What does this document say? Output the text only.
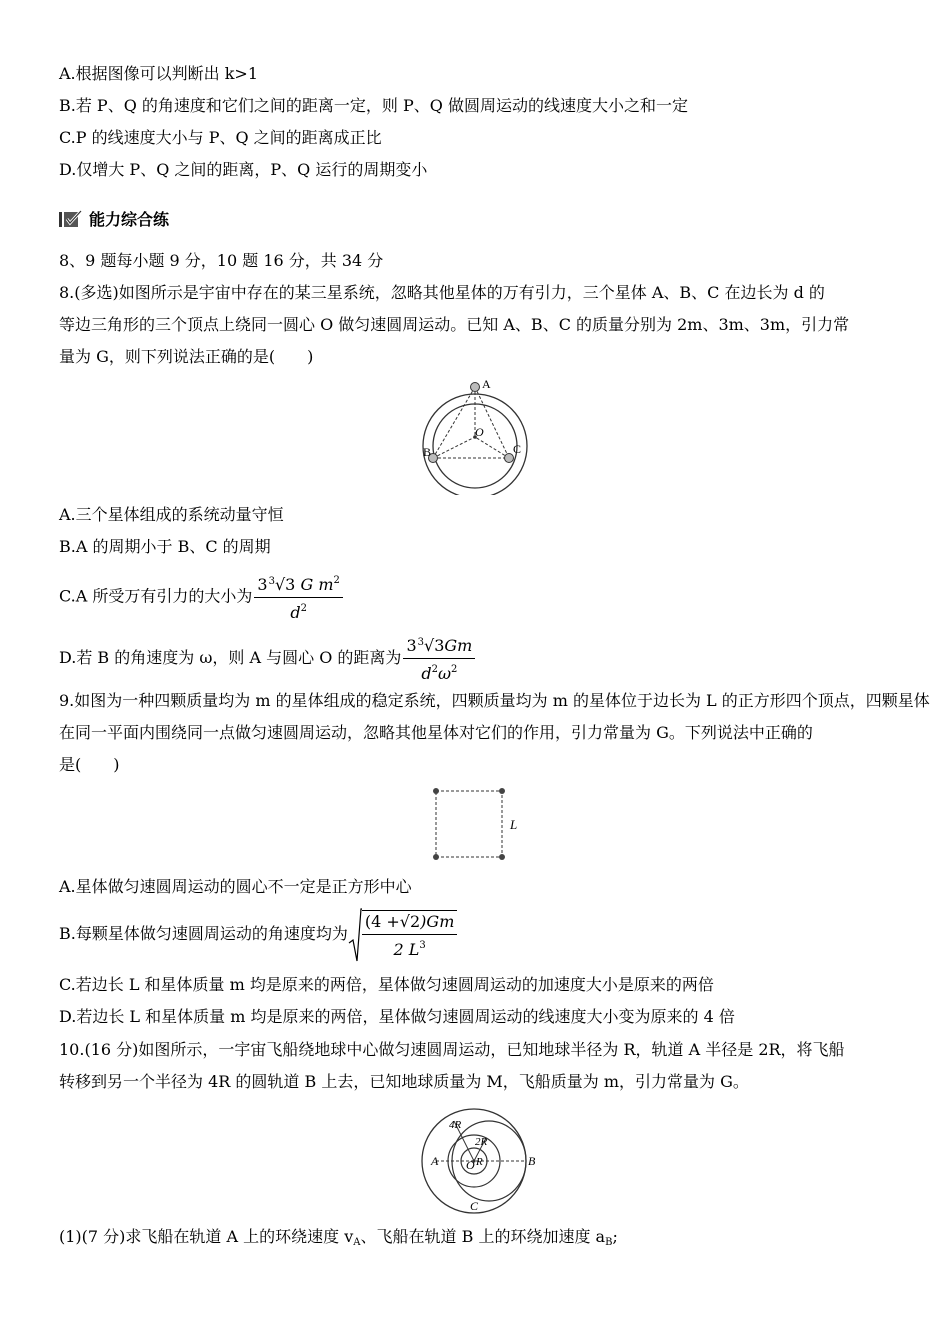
A.根据图像可以判断出 k>1
B.若 P、Q 的角速度和它们之间的距离一定，则 P、Q 做圆周运动的线速度大小之和一定
C.P 的线速度大小与 P、Q 之间的距离成正比
D.仅增大 P、Q 之间的距离，P、Q 运行的周期变小
能力综合练
8、9 题每小题 9 分，10 题 16 分，共 34 分
8.(多选)如图所示是宇宙中存在的某三星系统，忽略其他星体的万有引力，三个星体 A、B、C 在边长为 d 的
等边三角形的三个顶点上绕同一圆心 O 做匀速圆周运动。已知 A、B、C 的质量分别为 2m、3m、3m，引力常
量为 G，则下列说法正确的是(　　)
A
B	C
O
A.三个星体组成的系统动量守恒
B.A 的周期小于 B、C 的周期
C.A 所受万有引力的大小为 $\frac{3^3√3 G m^2}{d^2}$
D.若 B 的角速度为 ω，则 A 与圆心 O 的距离为 $\frac{3^3√3Gm}{d^2\omega^2}$
9.如图为一种四颗质量均为 m 的星体组成的稳定系统，四颗质量均为 m 的星体位于边长为 L 的正方形四个顶点，四颗星体
在同一平面内围绕同一点做匀速圆周运动，忽略其他星体对它们的作用，引力常量为 G。下列说法中正确的
是(　　)
L
A.星体做匀速圆周运动的圆心不一定是正方形中心
B.每颗星体做匀速圆周运动的角速度均为 $\frac{(4 +√2)Gm}{2 L^3}$
C.若边长 L 和星体质量 m 均是原来的两倍，星体做匀速圆周运动的加速度大小是原来的两倍
D.若边长 L 和星体质量 m 均是原来的两倍，星体做匀速圆周运动的线速度大小变为原来的 4 倍
10.(16 分)如图所示，一宇宙飞船绕地球中心做匀速圆周运动，已知地球半径为 R，轨道 A 半径是 2R，将飞船
转移到另一个半径为 4R 的圆轨道 B 上去，已知地球质量为 M，飞船质量为 m，引力常量为 G。
4R
2R
A O R	B
C
(1)(7 分)求飞船在轨道 A 上的环绕速度 $v_A$、飞船在轨道 B 上的环绕加速度 $a_B$;
